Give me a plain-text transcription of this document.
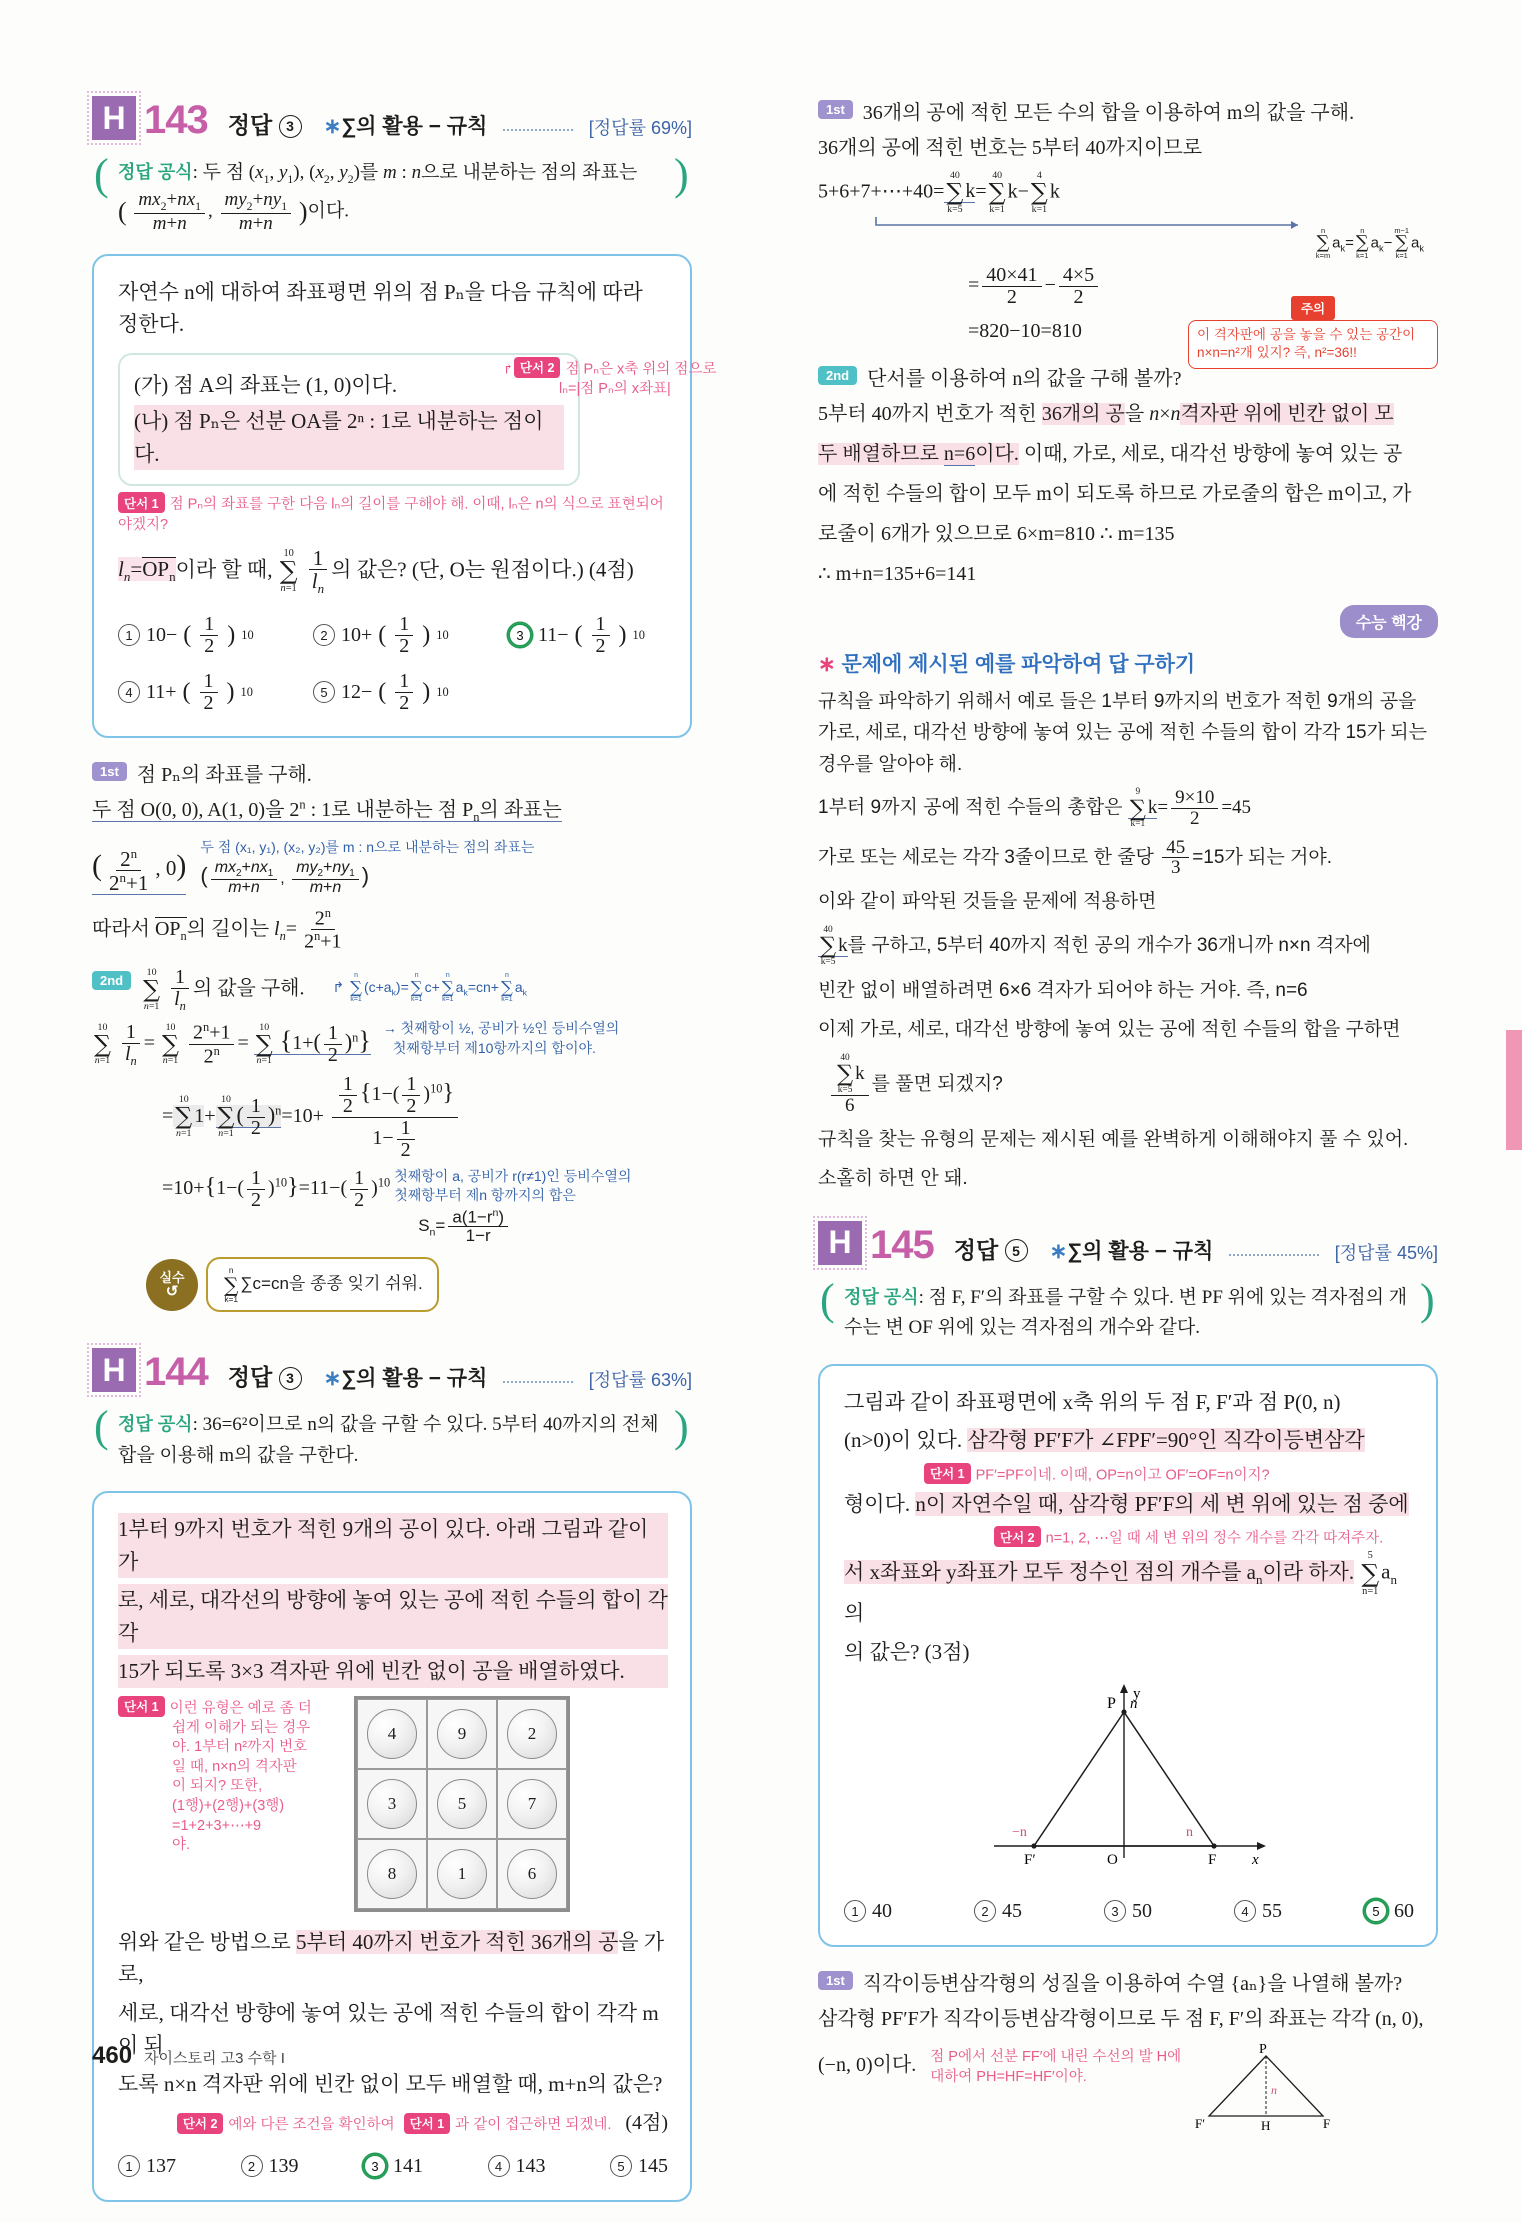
H 143 정답 3	∗∑의 활용 − 규칙	[정답률 69%]
(	)
정답 공식: 두 점 ($x_1$, $y_1$), ($x_2$, $y_2$)를 m : n으로 내분하는 점의 좌표는
( $\frac{mx_2+nx_1}{m+n}$ , $\frac{my_2+ny_1}{m+n}$ )이다.

자연수 n에 대하여 좌표평면 위의 점 Pₙ을 다음 규칙에 따라 정한다.

(가) 점 A의 좌표는 (1, 0)이다.

(나) 점 Pₙ은 선분 OA를 2ⁿ : 1로 내분하는 점이다.

↱ 단서 2 점 Pₙ은 x축 위의 점으로
lₙ=|점 Pₙ의 x좌표|
단서 1 점 Pₙ의 좌표를 구한 다음 lₙ의 길이를 구해야 해. 이때, lₙ은 n의 식으로 표현되어야겠지?

$l_n=OP_n$이라 할 때,
10
∑
n=1
$\frac{1}{l_n}$ 의 값은? (단, O는 원점이다.) (4점)

1 10− ( $\frac{1}{2}$ ) 10	2 10+ ( $\frac{1}{2}$ ) 10	3 11− ( $\frac{1}{2}$ ) 10
4 11+ ( $\frac{1}{2}$ ) 10	5 12− ( $\frac{1}{2}$ ) 10
1st 점 Pₙ의 좌표를 구해.
두 점 O(0, 0), A(1, 0)을 2$^n$ : 1로 내분하는 점 $P_n$의 좌표는
( $\frac{2^n}{2^n+1}$ , 0)
두 점 (x₁, y₁), (x₂, y₂)를 m : n으로 내분하는 점의 좌표는
( $\frac{mx_2+nx_1}{m+n}$ , $\frac{my_2+ny_1}{m+n}$ )
따라서 $OP_n$의 길이는 $l_n= \frac{2^n}{2^n+1}$
2nd
10
∑
n=1
$\frac{1}{l_n}$ 의 값을 구해. ↱
n
∑
k=1
$(c+a_k)=$
n
∑
k=1
c+
n
∑
k=1
$a_k=cn+$
n
∑
k=1
$a_k$
10
∑
n=1
$\frac{1}{l_n}$ =
10
∑
n=1
$\frac{2^n+1}{2^n}$ =
10
∑
n=1
$\{1+( \frac{1}{2} )^n\}$ → 첫째항이 ½, 공비가 ½인 등비수열의
첫째항부터 제10항까지의 합이야.
=
10
∑
n=1
1+
10
∑
n=1
( $\frac{1}{2} )^n=10+ \frac{\frac{1}{2} \{1-( \frac{1}{2} )^{10}\}}{1- \frac{1}{2}}$
$=10+\{1-( \frac{1}{2} )^{10}\}=11-( \frac{1}{2} )^{10}$ 첫째항이 a, 공비가 r(r≠1)인 등비수열의
첫째항부터 제n 항까지의 합은
$S_n= \frac{a(1-r^n)}{1-r}$
실수
↺
n
∑
k=1
∑c=cn을 종종 잊기 쉬워.
H 144 정답 3	∗∑의 활용 − 규칙	[정답률 63%]
(	)
정답 공식: 36=6²이므로 n의 값을 구할 수 있다. 5부터 40까지의 전체 합을 이용해 m의 값을 구한다.

1부터 9까지 번호가 적힌 9개의 공이 있다. 아래 그림과 같이 가

로, 세로, 대각선의 방향에 놓여 있는 공에 적힌 수들의 합이 각각

15가 되도록 3×3 격자판 위에 빈칸 없이 공을 배열하였다.

단서 1 이런 유형은 예로 좀 더
쉽게 이해가 되는 경우
야. 1부터 n²까지 번호
일 때, n×n의 격자판
이 되지? 또한,
(1행)+(2행)+(3행)
=1+2+3+⋯+9
야.
4	9	2
3	5	7
8	1	6

위와 같은 방법으로 5부터 40까지 번호가 적힌 36개의 공을 가로,

세로, 대각선 방향에 놓여 있는 공에 적힌 수들의 합이 각각 m이 되

도록 n×n 격자판 위에 빈칸 없이 모두 배열할 때, m+n의 값은?

단서 2 예와 다른 조건을 확인하여 단서 1 과 같이 접근하면 되겠네. (4점)
1 137	2 139	3 141	4 143	5 145
1st 36개의 공에 적힌 모든 수의 합을 이용하여 m의 값을 구해.
36개의 공에 적힌 번호는 5부터 40까지이므로
5+6+7+⋯+40=
40
∑
k=5
k=
40
∑
k=1
k−
4
∑
k=1
k
n
∑
k=m
$a_k=$
n
∑
k=1
$a_k-$
m−1
∑
k=1
$a_k$
= $\frac{40\times 41}{2} - \frac{4\times 5}{2}$
=820−10=810
주의
이 격자판에 공을 놓을 수 있는 공간이
n×n=n²개 있지? 즉, n²=36!!
2nd 단서를 이용하여 n의 값을 구해 볼까?
5부터 40까지 번호가 적힌 36개의 공을 n×n격자판 위에 빈칸 없이 모
두 배열하므로 n=6이다. 이때, 가로, 세로, 대각선 방향에 놓여 있는 공
에 적힌 수들의 합이 모두 m이 되도록 하므로 가로줄의 합은 m이고, 가
로줄이 6개가 있으므로 6×m=810 ∴ m=135
∴ m+n=135+6=141
수능 핵강
∗ 문제에 제시된 예를 파악하여 답 구하기

규칙을 파악하기 위해서 예로 들은 1부터 9까지의 번호가 적힌 9개의 공을 가로, 세로, 대각선 방향에 놓여 있는 공에 적힌 수들의 합이 각각 15가 되는 경우를 알아야 해.

1부터 9까지 공에 적힌 수들의 총합은
9
∑
k=1
$k= \frac{9\times 10}{2} =45$

가로 또는 세로는 각각 3줄이므로 한 줄당 $\frac{45}{3} =15$가 되는 거야.

이와 같이 파악된 것들을 문제에 적용하면

40
∑
k=5
k를 구하고, 5부터 40까지 적힌 공의 개수가 36개니까 n×n 격자에

빈칸 없이 배열하려면 6×6 격자가 되어야 하는 거야. 즉, n=6

이제 가로, 세로, 대각선 방향에 놓여 있는 공에 적힌 수들의 합을 구하면

40
∑
k=5
k
6 를 풀면 되겠지?

규칙을 찾는 유형의 문제는 제시된 예를 완벽하게 이해해야지 풀 수 있어.

소홀히 하면 안 돼.

H 145 정답 5	∗∑의 활용 − 규칙	[정답률 45%]
(	)
정답 공식: 점 F, F′의 좌표를 구할 수 있다. 변 PF 위에 있는 격자점의 개수는 변 OF 위에 있는 격자점의 개수와 같다.

그림과 같이 좌표평면에 x축 위의 두 점 F, F′과 점 P(0, n)

(n>0)이 있다. 삼각형 PF′F가 ∠FPF′=90°인 직각이등변삼각

단서 1 PF′=PF이네. 이때, OP=n이고 OF′=OF=n이지?

형이다. n이 자연수일 때, 삼각형 PF′F의 세 변 위에 있는 점 중에

단서 2 n=1, 2, ⋯일 때 세 변 위의 정수 개수를 각각 따져주자.

서 x좌표와 y좌표가 모두 정수인 점의 개수를 $a_n$이라 하자.
5
∑
n=1
$a_n$의

의 값은? (3점)

P n
y
x
F′	O	F
−n	n
1 40	2 45	3 50	4 55	5 60
1st 직각이등변삼각형의 성질을 이용하여 수열 {aₙ}을 나열해 볼까?
삼각형 PF′F가 직각이등변삼각형이므로 두 점 F, F′의 좌표는 각각 (n, 0),
(−n, 0)이다. 점 P에서 선분 FF′에 내린 수선의 발 H에
대하여 PH=HF=HF′이야.
P
F′	F
H
n
460 자이스토리 고3 수학 I
